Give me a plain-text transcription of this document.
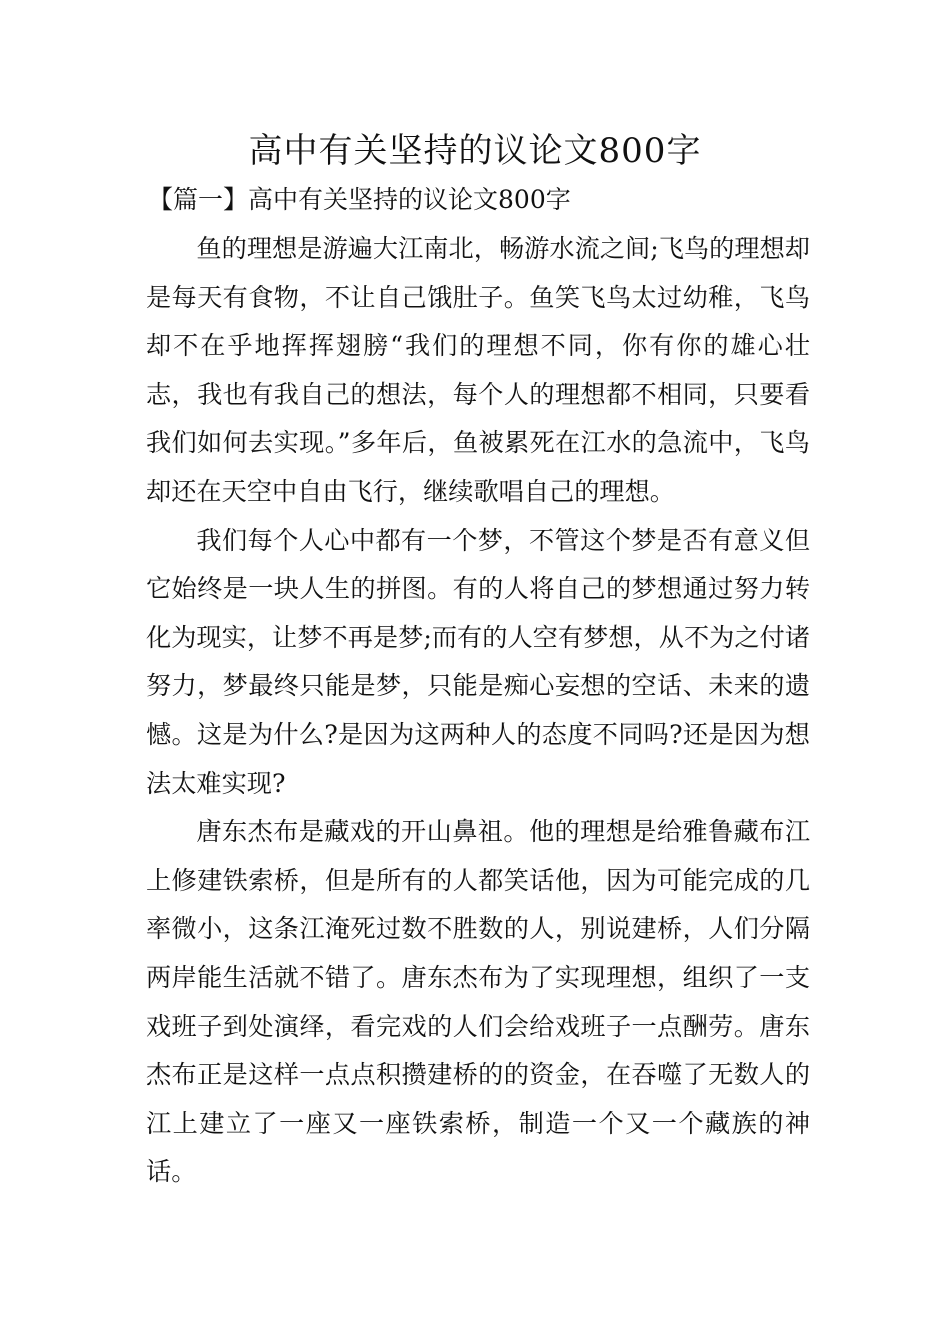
高中有关坚持的议论文800字
【篇一】高中有关坚持的议论文800字

鱼的理想是游遍大江南北，畅游水流之间;飞鸟的理想却是每天有食物，不让自己饿肚子。鱼笑飞鸟太过幼稚，飞鸟却不在乎地挥挥翅膀“我们的理想不同，你有你的雄心壮志，我也有我自己的想法，每个人的理想都不相同，只要看我们如何去实现。”多年后，鱼被累死在江水的急流中，飞鸟却还在天空中自由飞行，继续歌唱自己的理想。

我们每个人心中都有一个梦，不管这个梦是否有意义但它始终是一块人生的拼图。有的人将自己的梦想通过努力转化为现实，让梦不再是梦;而有的人空有梦想，从不为之付诸努力，梦最终只能是梦，只能是痴心妄想的空话、未来的遗憾。这是为什么?是因为这两种人的态度不同吗?还是因为想法太难实现?

唐东杰布是藏戏的开山鼻祖。他的理想是给雅鲁藏布江上修建铁索桥，但是所有的人都笑话他，因为可能完成的几率微小，这条江淹死过数不胜数的人，别说建桥，人们分隔两岸能生活就不错了。唐东杰布为了实现理想，组织了一支戏班子到处演绎，看完戏的人们会给戏班子一点酬劳。唐东杰布正是这样一点点积攒建桥的的资金，在吞噬了无数人的江上建立了一座又一座铁索桥，制造一个又一个藏族的神话。
